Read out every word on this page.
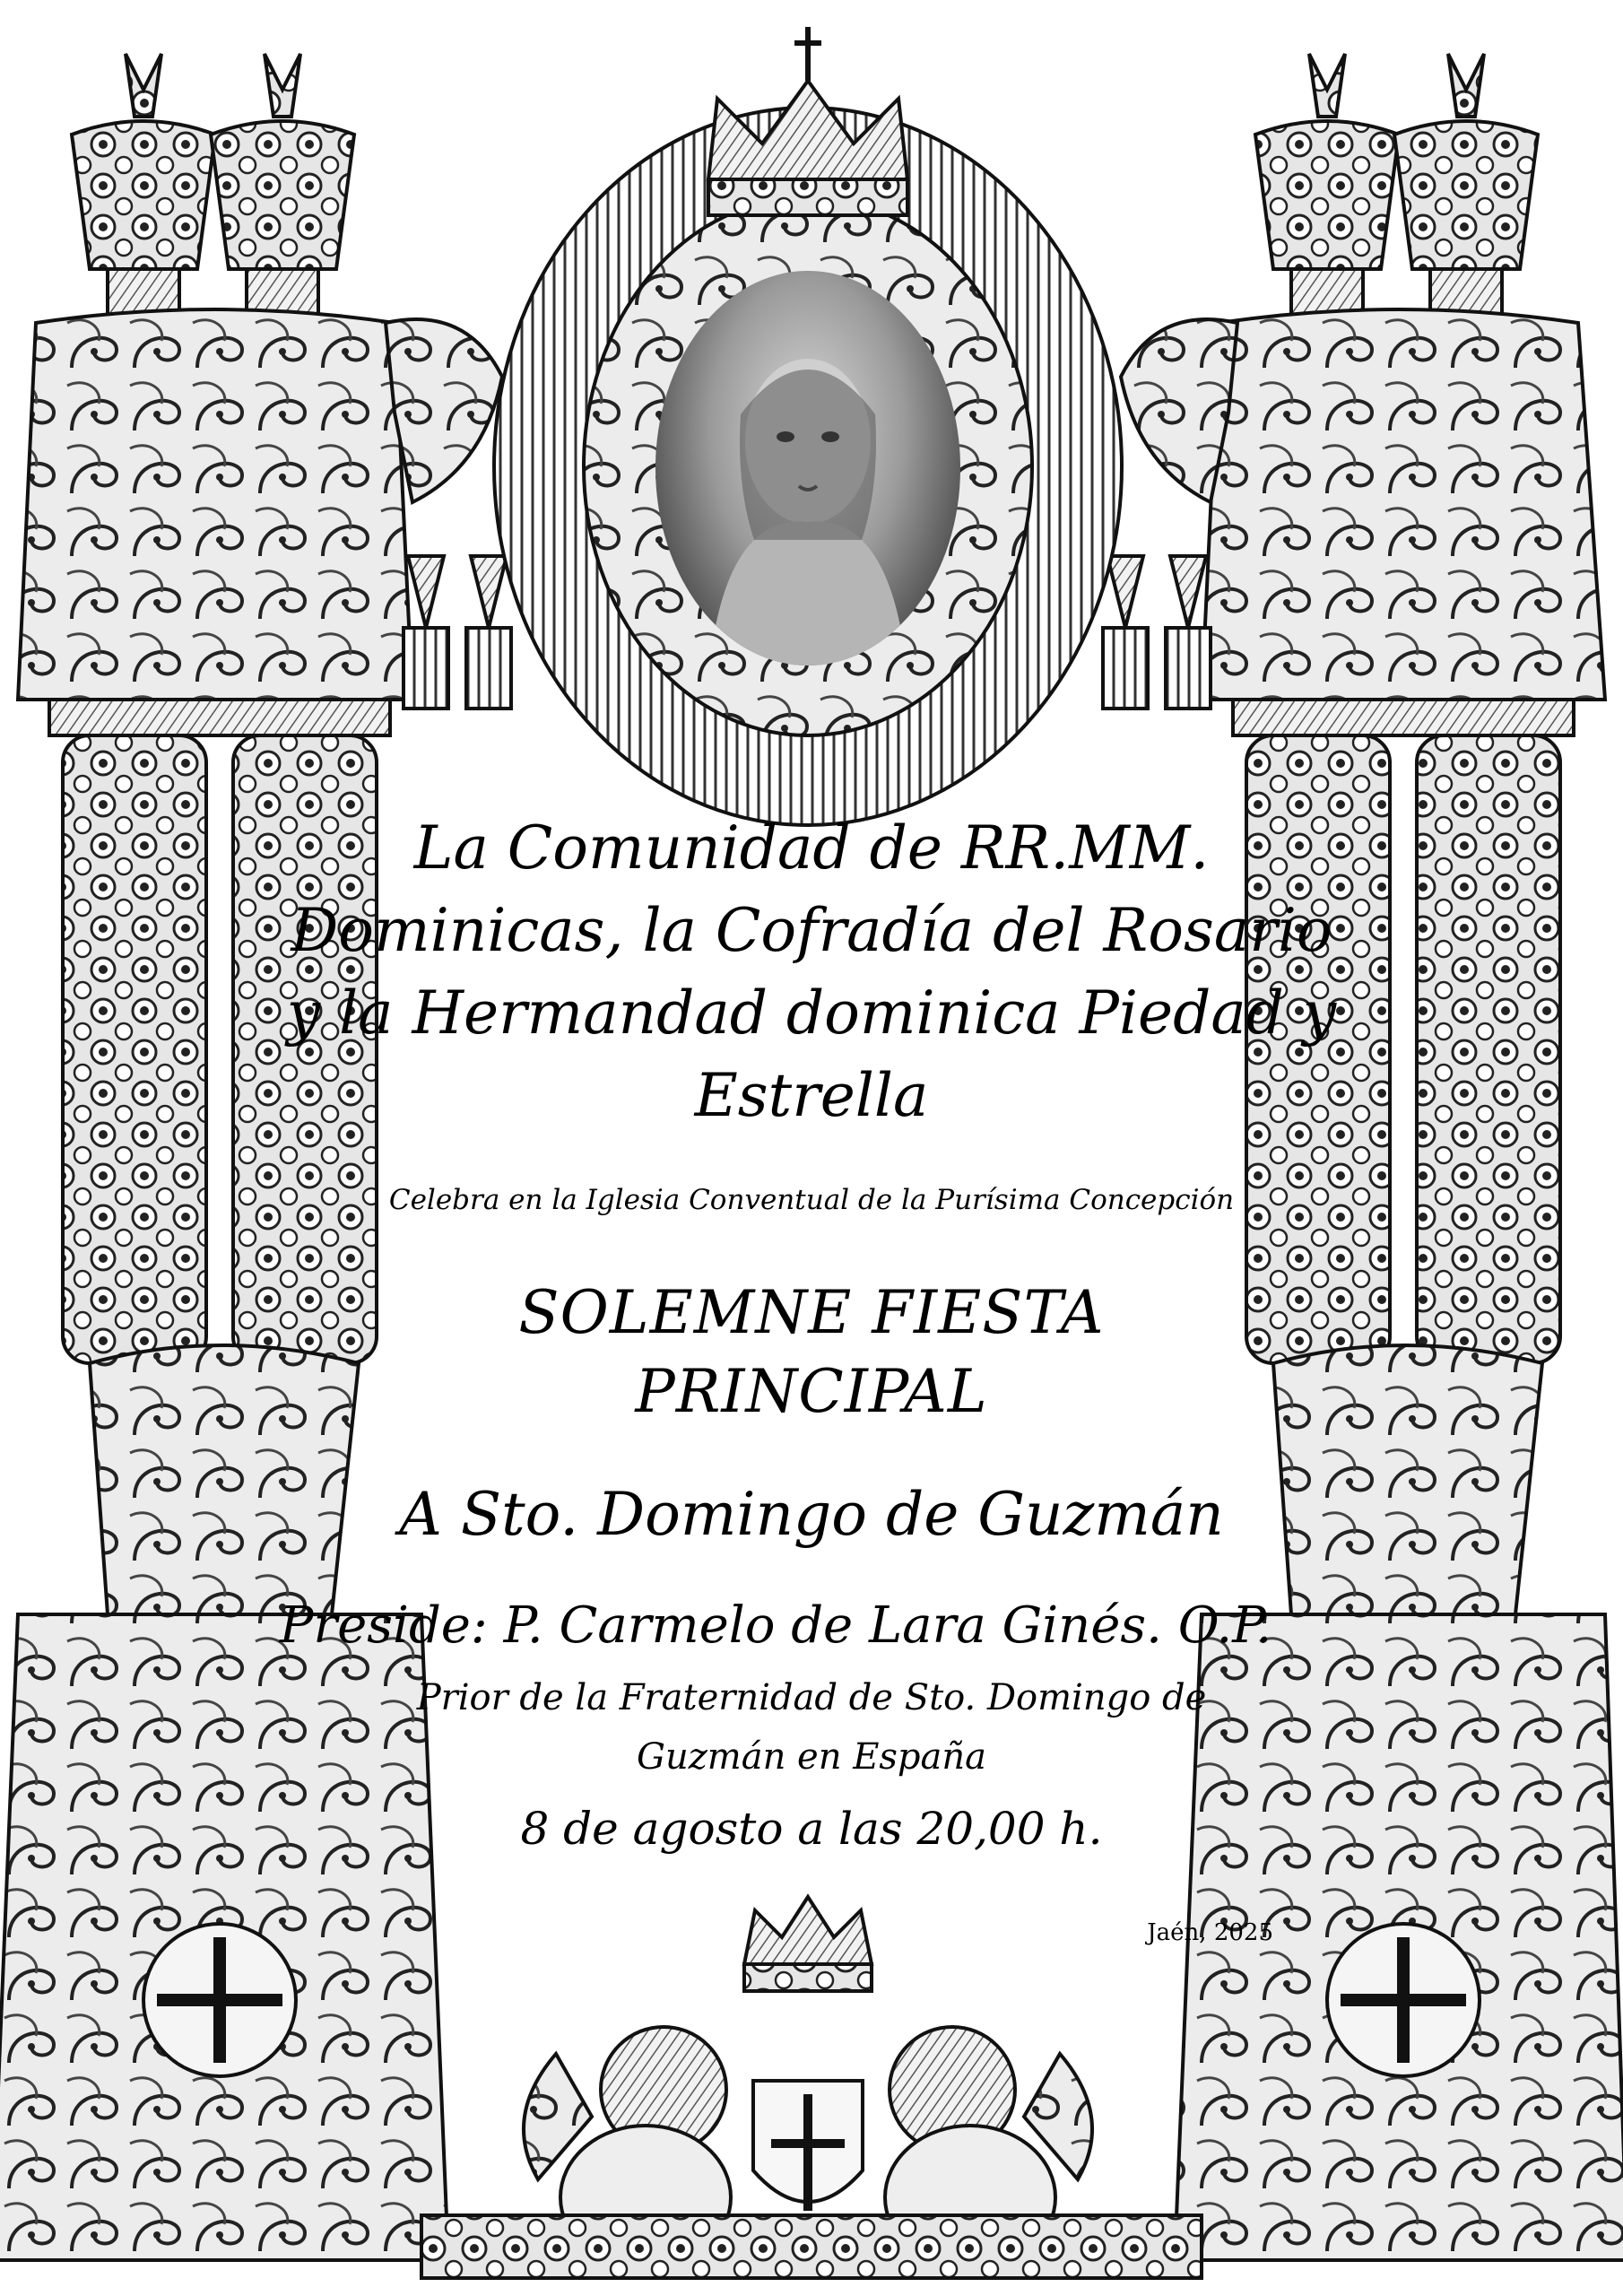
La Comunidad de RR.MM.
Dominicas, la Cofradía del Rosario
y la Hermandad dominica Piedad y
Estrella
Celebra en la Iglesia Conventual de la Purísima Concepción
SOLEMNE FIESTA
PRINCIPAL
A Sto. Domingo de Guzmán
Preside: P. Carmelo de Lara Ginés. O.P.
Prior de la Fraternidad de Sto. Domingo de
Guzmán en España
8 de agosto a las 20,00 h.
Jaén, 2025
